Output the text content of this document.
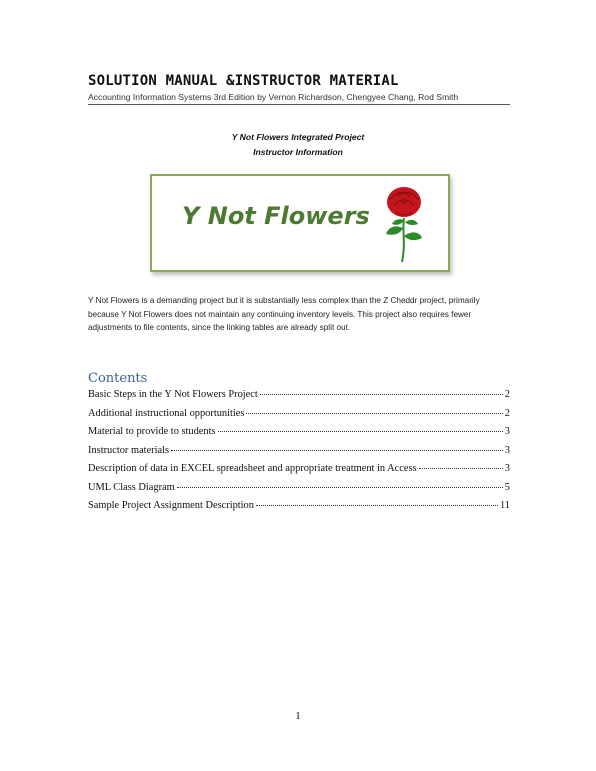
SOLUTION MANUAL &INSTRUCTOR MATERIAL
Accounting Information Systems 3rd Edition by Vernon Richardson, Chengyee Chang, Rod Smith
Y Not Flowers Integrated Project
Instructor Information
Y Not Flowers

Y Not Flowers is a demanding project but it is substantially less complex than the Z Cheddr project, primarily because Y Not Flowers does not maintain any continuing inventory levels. This project also requires fewer adjustments to file contents, since the linking tables are already split out.

Contents
Basic Steps in the Y Not Flowers Project	2
Additional instructional opportunities	2
Material to provide to students	3
Instructor materials	3
Description of data in EXCEL spreadsheet and appropriate treatment in Access	3
UML Class Diagram	5
Sample Project Assignment Description	11
1
